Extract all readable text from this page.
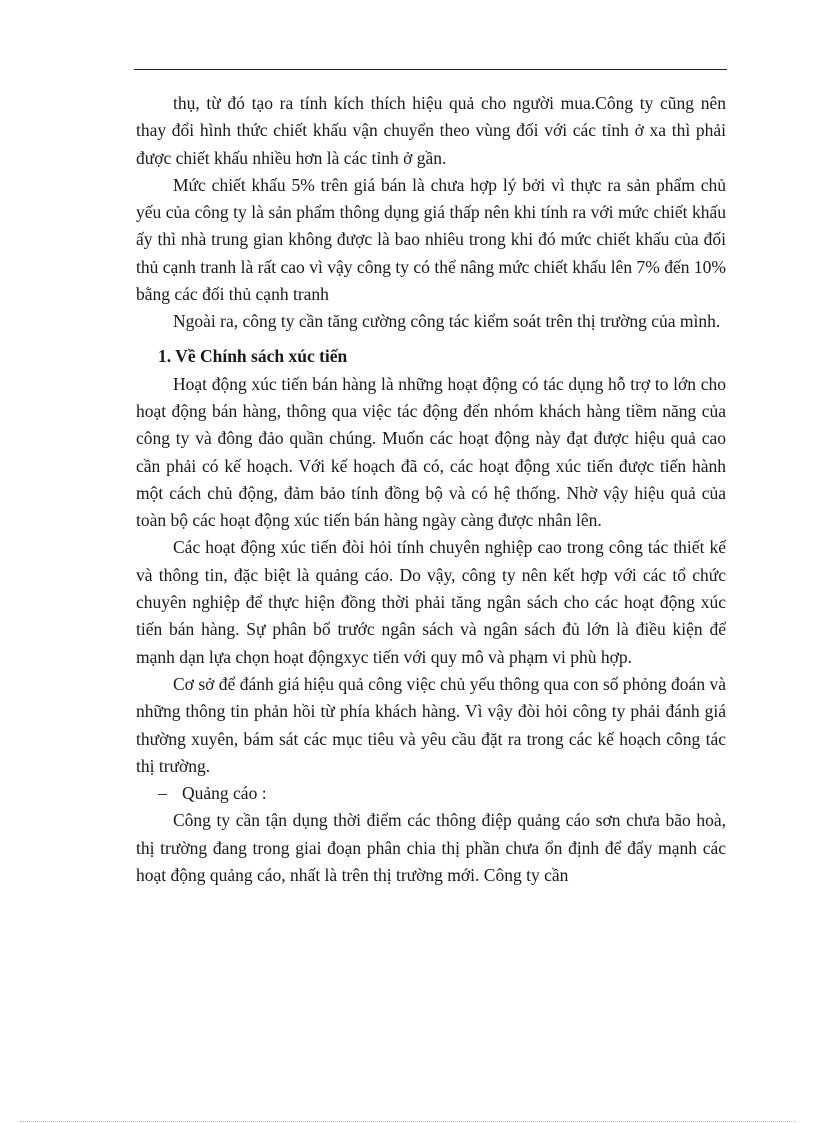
thụ, từ đó tạo ra tính kích thích hiệu quả cho người mua.Công ty cũng nên thay đổi hình thức chiết khấu vận chuyển theo vùng đối với các tỉnh ở xa thì phải được chiết khấu nhiều hơn là các tỉnh ở gần.

Mức chiết khấu 5% trên giá bán là chưa hợp lý bởi vì thực ra sản phẩm chủ yếu của công ty là sản phẩm thông dụng giá thấp nên khi tính ra với mức chiết khấu ấy thì nhà trung gian không được là bao nhiêu trong khi đó mức chiết khấu của đối thủ cạnh tranh là rất cao vì vậy công ty có thể nâng mức chiết khấu lên 7% đến 10% bằng các đối thủ cạnh tranh

Ngoài ra, công ty cần tăng cường công tác kiểm soát trên thị trường của mình.

1. Về Chính sách xúc tiến

Hoạt động xúc tiến bán hàng là những hoạt động có tác dụng hỗ trợ to lớn cho hoạt động bán hàng, thông qua việc tác động đến nhóm khách hàng tiềm năng của công ty và đông đảo quần chúng. Muốn các hoạt động này đạt được hiệu quả cao cần phải có kế hoạch. Với kế hoạch đã có, các hoạt động xúc tiến được tiến hành một cách chủ động, đảm bảo tính đồng bộ và có hệ thống. Nhờ vậy hiệu quả của toàn bộ các hoạt động xúc tiến bán hàng ngày càng được nhân lên.

Các hoạt động xúc tiến đòi hỏi tính chuyên nghiệp cao trong công tác thiết kế và thông tin, đặc biệt là quảng cáo. Do vậy, công ty nên kết hợp với các tổ chức chuyên nghiệp để thực hiện đồng thời phải tăng ngân sách cho các hoạt động xúc tiến bán hàng. Sự phân bổ trước ngân sách và ngân sách đủ lớn là điều kiện để mạnh dạn lựa chọn hoạt độngxyc tiến với quy mô và phạm vi phù hợp.

Cơ sở để đánh giá hiệu quả công việc chủ yếu thông qua con số phỏng đoán và những thông tin phản hồi từ phía khách hàng. Vì vậy đòi hỏi công ty phải đánh giá thường xuyên, bám sát các mục tiêu và yêu cầu đặt ra trong các kế hoạch công tác thị trường.

– Quảng cáo :

Công ty cần tận dụng thời điểm các thông điệp quảng cáo sơn chưa bão hoà, thị trường đang trong giai đoạn phân chia thị phần chưa ổn định để đẩy mạnh các hoạt động quảng cáo, nhất là trên thị trường mới. Công ty cần
